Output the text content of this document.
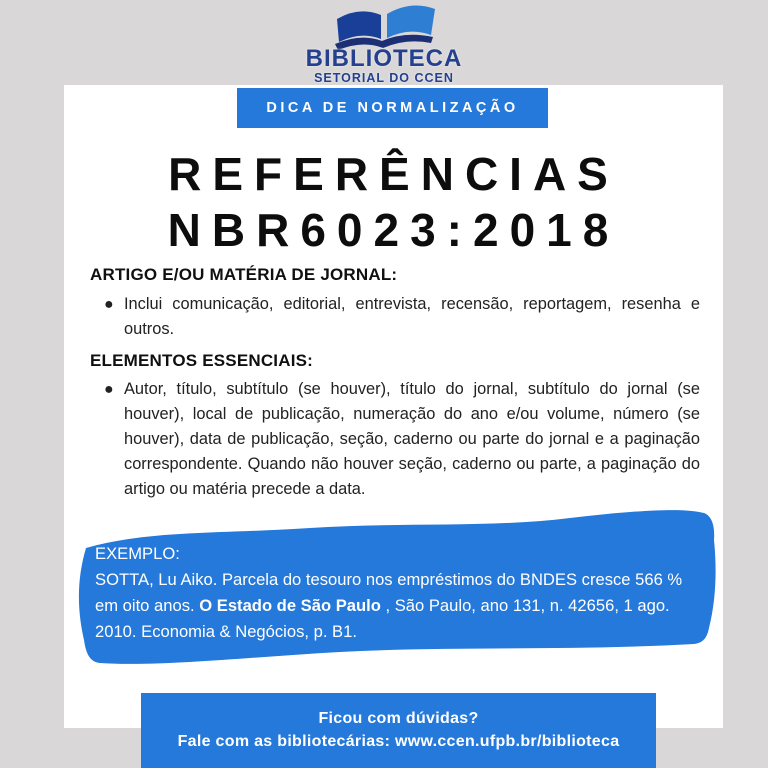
BIBLIOTECA
SETORIAL DO CCEN
DICA DE NORMALIZAÇÃO
REFERÊNCIAS
NBR6023:2018
ARTIGO E/OU MATÉRIA DE JORNAL:
● Inclui comunicação, editorial, entrevista, recensão, reportagem, resenha e outros.
ELEMENTOS ESSENCIAIS:
● Autor, título, subtítulo (se houver), título do jornal, subtítulo do jornal (se houver), local de publicação, numeração do ano e/ou volume, número (se houver), data de publicação, seção, caderno ou parte do jornal e a paginação correspondente. Quando não houver seção, caderno ou parte, a paginação do artigo ou matéria precede a data.
EXEMPLO:
SOTTA, Lu Aiko. Parcela do tesouro nos empréstimos do BNDES cresce 566 % em oito anos. O Estado de São Paulo , São Paulo, ano 131, n. 42656, 1 ago. 2010. Economia & Negócios, p. B1.
Ficou com dúvidas?
Fale com as bibliotecárias: www.ccen.ufpb.br/biblioteca
